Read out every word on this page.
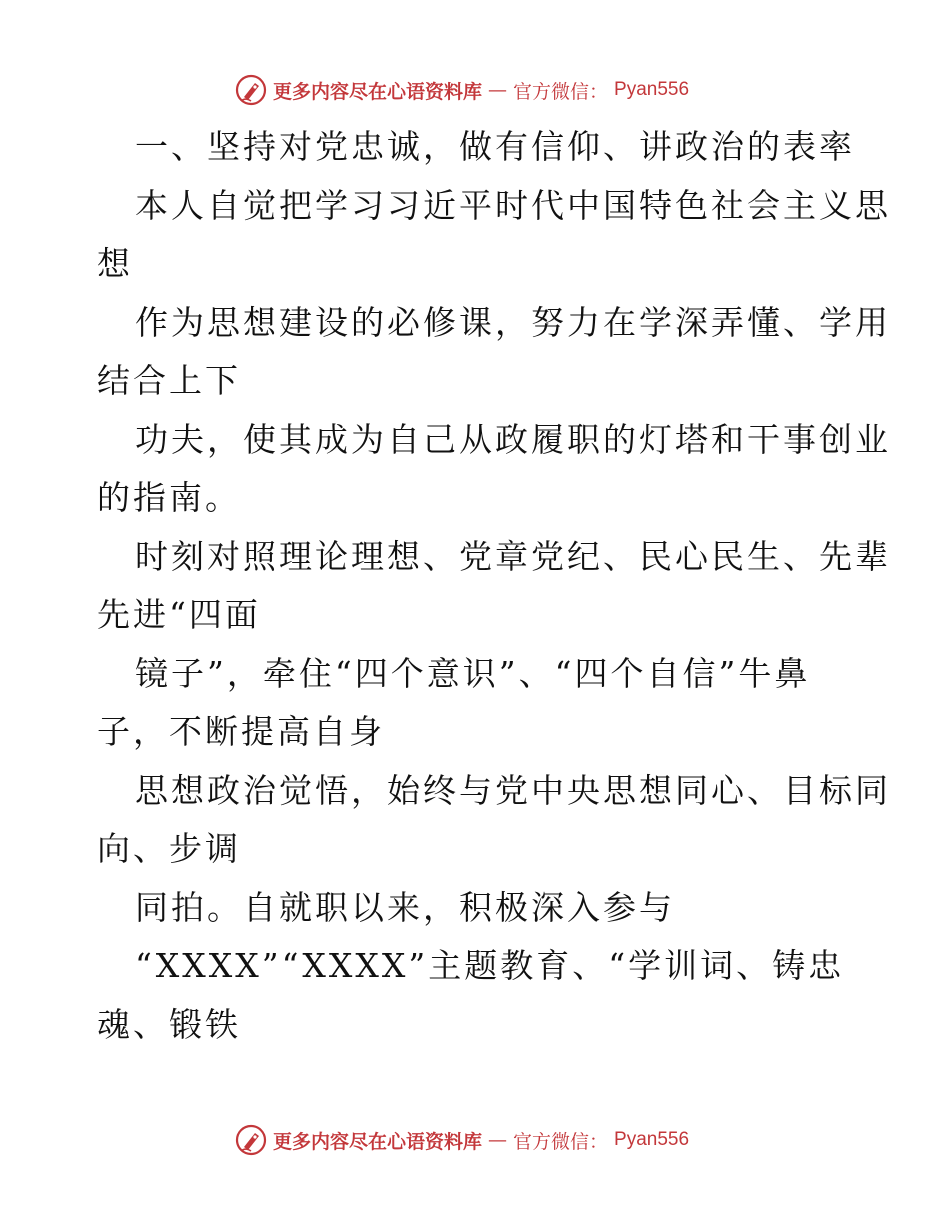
更多内容尽在心语资料库 — 官方微信： Pyan556
一、坚持对党忠诚，做有信仰、讲政治的表率
本人自觉把学习习近平时代中国特色社会主义思
想
作为思想建设的必修课，努力在学深弄懂、学用
结合上下
功夫，使其成为自己从政履职的灯塔和干事创业
的指南。
时刻对照理论理想、党章党纪、民心民生、先辈
先进“四面
镜子”，牵住“四个意识”、“四个自信”牛鼻
子，不断提高自身
思想政治觉悟，始终与党中央思想同心、目标同
向、步调
同拍。自就职以来，积极深入参与
“XXXX”“XXXX”主题教育、“学训词、铸忠
魂、锻铁
更多内容尽在心语资料库 — 官方微信： Pyan556
